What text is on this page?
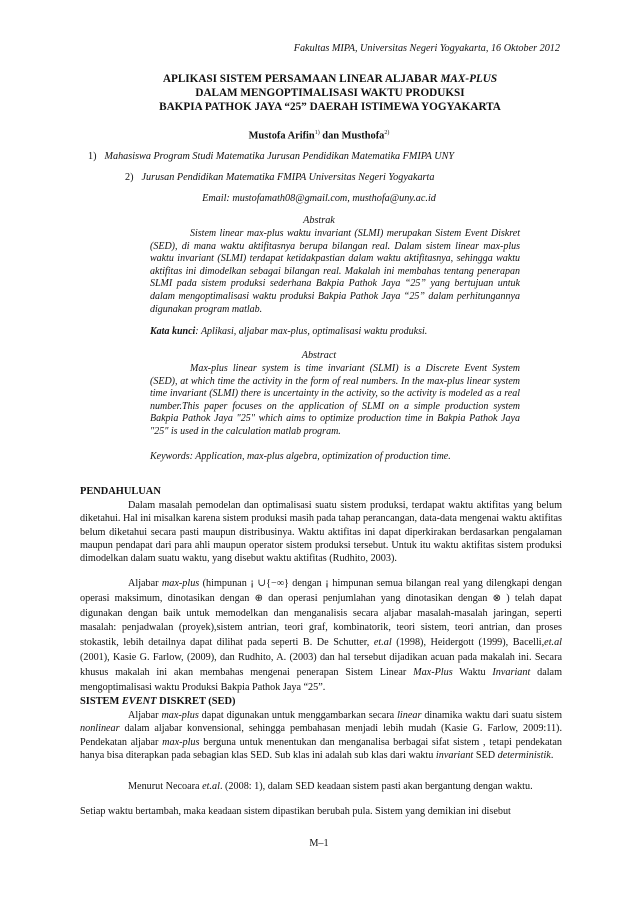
Fakultas MIPA, Universitas Negeri Yogyakarta, 16 Oktober 2012
APLIKASI SISTEM PERSAMAAN LINEAR ALJABAR MAX-PLUS
DALAM MENGOPTIMALISASI WAKTU PRODUKSI
BAKPIA PATHOK JAYA “25” DAERAH ISTIMEWA YOGYAKARTA
Mustofa Arifin$^{1)}$ dan Musthofa$^{2)}$
1) Mahasiswa Program Studi Matematika Jurusan Pendidikan Matematika FMIPA UNY
2) Jurusan Pendidikan Matematika FMIPA Universitas Negeri Yogyakarta
Email: mustofamath08@gmail.com, musthofa@uny.ac.id
Abstrak
Sistem linear max-plus waktu invariant (SLMI) merupakan Sistem Event Diskret (SED), di mana waktu aktifitasnya berupa bilangan real. Dalam sistem linear max-plus waktu invariant (SLMI) terdapat ketidakpastian dalam waktu aktifitasnya, sehingga waktu aktifitas ini dimodelkan sebagai bilangan real. Makalah ini membahas tentang penerapan SLMI pada sistem produksi sederhana Bakpia Pathok Jaya “25” yang bertujuan untuk dalam mengoptimalisasi waktu produksi Bakpia Pathok Jaya “25” dalam perhitungannya digunakan program matlab.
Kata kunci: Aplikasi, aljabar max-plus, optimalisasi waktu produksi.
Abstract
Max-plus linear system is time invariant (SLMI) is a Discrete Event System (SED), at which time the activity in the form of real numbers. In the max-plus linear system time invariant (SLMI) there is uncertainty in the activity, so the activity is modeled as a real number.This paper focuses on the application of SLMI on a simple production system Bakpia Pathok Jaya "25" which aims to optimize production time in Bakpia Pathok Jaya "25" is used in the calculation matlab program.
Keywords: Application, max-plus algebra, optimization of production time.
PENDAHULUAN
Dalam masalah pemodelan dan optimalisasi suatu sistem produksi, terdapat waktu aktifitas yang belum diketahui. Hal ini misalkan karena sistem produksi masih pada tahap perancangan, data-data mengenai waktu aktifitas belum diketahui secara pasti maupun distribusinya. Waktu aktifitas ini dapat diperkirakan berdasarkan pengalaman maupun pendapat dari para ahli maupun operator sistem produksi tersebut. Untuk itu waktu aktifitas sistem produksi dimodelkan dalam suatu waktu, yang disebut waktu aktifitas (Rudhito, 2003).
Aljabar max-plus (himpunan ¡ ∪{−∞} dengan ¡ himpunan semua bilangan real yang dilengkapi dengan operasi maksimum, dinotasikan dengan ⊕ dan operasi penjumlahan yang dinotasikan dengan ⊗ ) telah dapat digunakan dengan baik untuk memodelkan dan menganalisis secara aljabar masalah-masalah jaringan, seperti masalah: penjadwalan (proyek),sistem antrian, teori graf, kombinatorik, teori sistem, teori antrian, dan proses stokastik, lebih detailnya dapat dilihat pada seperti B. De Schutter, et.al (1998), Heidergott (1999), Bacelli,et.al (2001), Kasie G. Farlow, (2009), dan Rudhito, A. (2003) dan hal tersebut dijadikan acuan pada makalah ini. Secara khusus makalah ini akan membahas mengenai penerapan Sistem Linear Max-Plus Waktu Invariant dalam mengoptimalisasi waktu Produksi Bakpia Pathok Jaya “25”.
SISTEM EVENT DISKRET (SED)
Aljabar max-plus dapat digunakan untuk menggambarkan secara linear dinamika waktu dari suatu sistem nonlinear dalam aljabar konvensional, sehingga pembahasan menjadi lebih mudah (Kasie G. Farlow, 2009:11). Pendekatan aljabar max-plus berguna untuk menentukan dan menganalisa berbagai sifat sistem , tetapi pendekatan hanya bisa diterapkan pada sebagian klas SED. Sub klas ini adalah sub klas dari waktu invariant SED deterministik.
Menurut Necoara et.al. (2008: 1), dalam SED keadaan sistem pasti akan bergantung dengan waktu.
Setiap waktu bertambah, maka keadaan sistem dipastikan berubah pula. Sistem yang demikian ini disebut
M–1
